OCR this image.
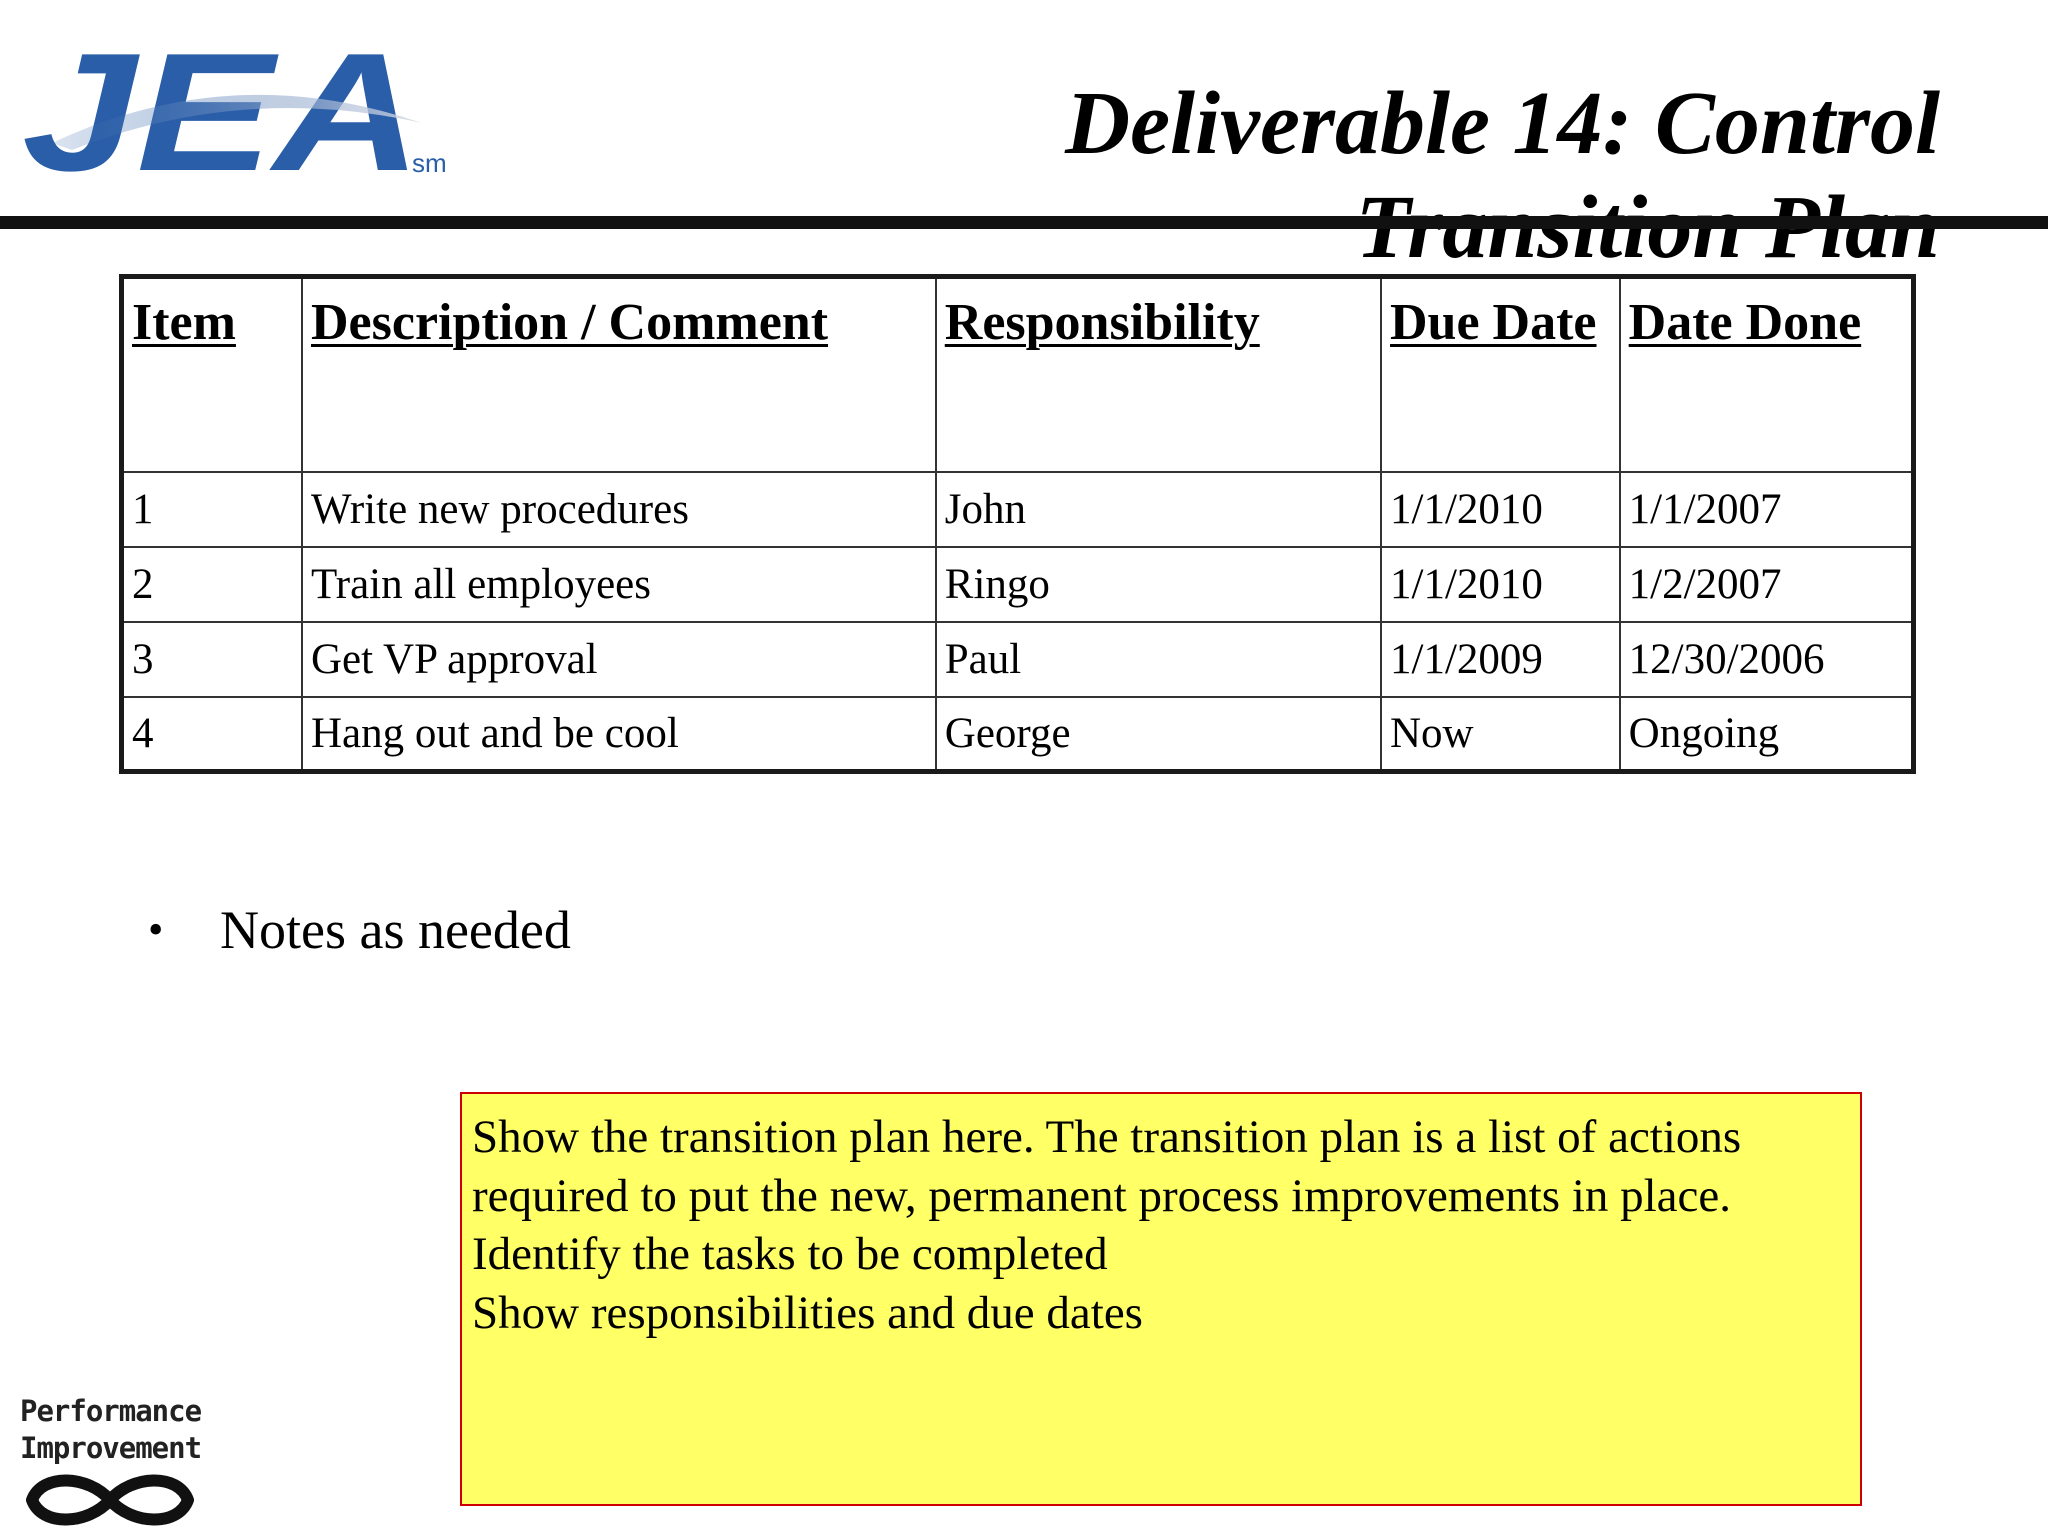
JEA
sm	Deliverable 14: Control
Item	Description / Comment	Responsibility	Due Date	Date Done
1	Write new procedures	John	1/1/2010	1/1/2007
2	Train all employees	Ringo	1/1/2010	1/2/2007
3	Get VP approval	Paul	1/1/2009	12/30/2006
4	Hang out and be cool	George	Now	Ongoing
•	Notes as needed

Show the transition plan here. The transition plan is a list of actions required to put the new, permanent process improvements in place.

Identify the tasks to be completed

Show responsibilities and due dates

Performance
Improvement
